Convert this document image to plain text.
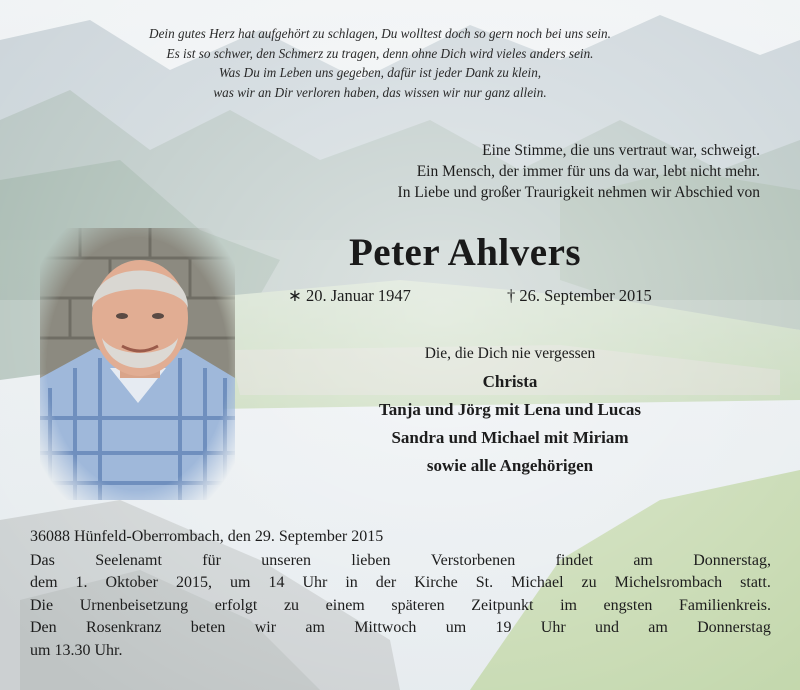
Dein gutes Herz hat aufgehört zu schlagen, Du wolltest doch so gern noch bei uns sein.
Es ist so schwer, den Schmerz zu tragen, denn ohne Dich wird vieles anders sein.
Was Du im Leben uns gegeben, dafür ist jeder Dank zu klein,
was wir an Dir verloren haben, das wissen wir nur ganz allein.
Eine Stimme, die uns vertraut war, schweigt.
Ein Mensch, der immer für uns da war, lebt nicht mehr.
In Liebe und großer Traurigkeit nehmen wir Abschied von
Peter Ahlvers
∗ 20. Januar 1947	† 26. September 2015
Die, die Dich nie vergessen
Christa
Tanja und Jörg mit Lena und Lucas
Sandra und Michael mit Miriam
sowie alle Angehörigen
36088 Hünfeld-Oberrombach, den 29. September 2015
Das	Seelenamt	für	unseren	lieben	Verstorbenen	findet	am	Donnerstag,
dem 1. Oktober 2015, um 14 Uhr in der Kirche St. Michael zu Michelsrombach statt.
Die Urnenbeisetzung erfolgt zu einem späteren Zeitpunkt im engsten Familienkreis.
Den Rosenkranz beten wir am Mittwoch um 19 Uhr und am Donnerstag
um 13.30 Uhr.
